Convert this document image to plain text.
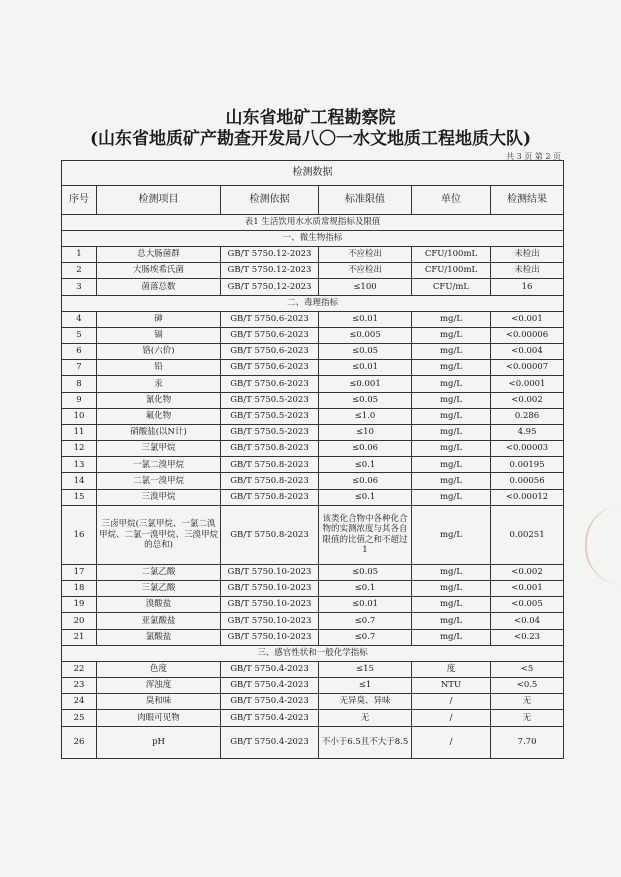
山东省地矿工程勘察院
(山东省地质矿产勘查开发局八〇一水文地质工程地质大队)
共 3 页 第 2 页
检测数据					
序号	检测项目	检测依据	标准限值	单位	检测结果
表1 生活饮用水水质常规指标及限值					
一、微生物指标					
1	总大肠菌群	GB/T 5750.12-2023	不应检出	CFU/100mL	未检出
2	大肠埃希氏菌	GB/T 5750.12-2023	不应检出	CFU/100mL	未检出
3	菌落总数	GB/T 5750.12-2023	≤100	CFU/mL	16
二、毒理指标					
4	砷	GB/T 5750.6-2023	≤0.01	mg/L	<0.001
5	镉	GB/T 5750.6-2023	≤0.005	mg/L	<0.00006
6	铬(六价)	GB/T 5750.6-2023	≤0.05	mg/L	<0.004
7	铅	GB/T 5750.6-2023	≤0.01	mg/L	<0.00007
8	汞	GB/T 5750.6-2023	≤0.001	mg/L	<0.0001
9	氰化物	GB/T 5750.5-2023	≤0.05	mg/L	<0.002
10	氟化物	GB/T 5750.5-2023	≤1.0	mg/L	0.286
11	硝酸盐(以N计)	GB/T 5750.5-2023	≤10	mg/L	4.95
12	三氯甲烷	GB/T 5750.8-2023	≤0.06	mg/L	<0.00003
13	一氯二溴甲烷	GB/T 5750.8-2023	≤0.1	mg/L	0.00195
14	二氯一溴甲烷	GB/T 5750.8-2023	≤0.06	mg/L	0.00056
15	三溴甲烷	GB/T 5750.8-2023	≤0.1	mg/L	<0.00012
16	三卤甲烷(三氯甲烷、一氯二溴甲烷、二氯一溴甲烷、三溴甲烷的总和)	GB/T 5750.8-2023	该类化合物中各种化合物的实测浓度与其各自限值的比值之和不超过1	mg/L	0.00251
17	二氯乙酸	GB/T 5750.10-2023	≤0.05	mg/L	<0.002
18	三氯乙酸	GB/T 5750.10-2023	≤0.1	mg/L	<0.001
19	溴酸盐	GB/T 5750.10-2023	≤0.01	mg/L	<0.005
20	亚氯酸盐	GB/T 5750.10-2023	≤0.7	mg/L	<0.04
21	氯酸盐	GB/T 5750.10-2023	≤0.7	mg/L	<0.23
三、感官性状和一般化学指标					
22	色度	GB/T 5750.4-2023	≤15	度	<5
23	浑浊度	GB/T 5750.4-2023	≤1	NTU	<0.5
24	臭和味	GB/T 5750.4-2023	无异臭、异味	/	无
25	肉眼可见物	GB/T 5750.4-2023	无	/	无
26	pH	GB/T 5750.4-2023	不小于6.5且不大于8.5	/	7.70
